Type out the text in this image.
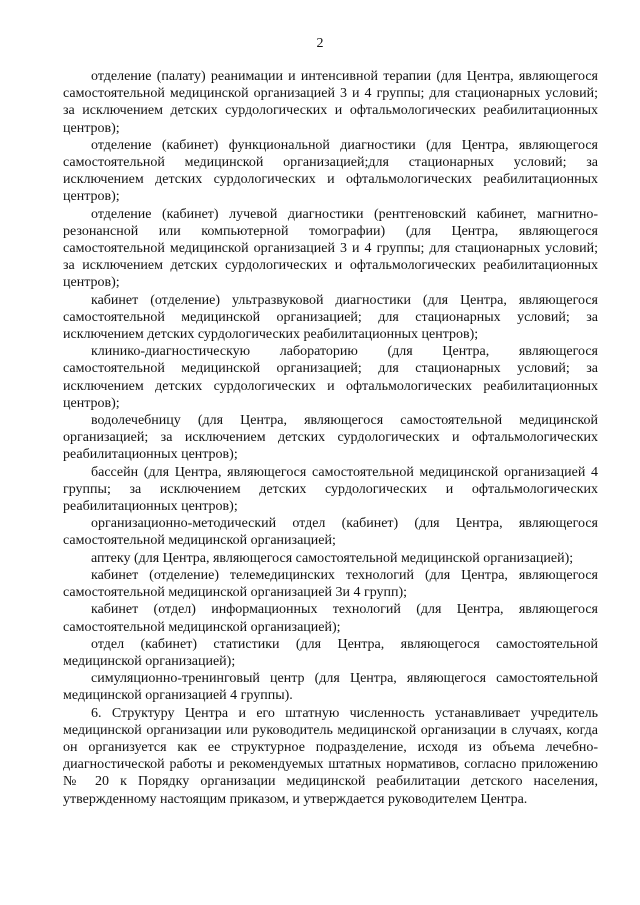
2

отделение (палату) реанимации и интенсивной терапии (для Центра, являющегося самостоятельной медицинской организацией 3 и 4 группы; для стационарных условий; за исключением детских сурдологических и офтальмологических реабилитационных центров);

отделение (кабинет) функциональной диагностики (для Центра, являющегося самостоятельной медицинской организацией;для стационарных условий; за исключением детских сурдологических и офтальмологических реабилитационных центров);

отделение (кабинет) лучевой диагностики (рентгеновский кабинет, магнитно-резонансной или компьютерной томографии) (для Центра, являющегося самостоятельной медицинской организацией 3 и 4 группы; для стационарных условий; за исключением детских сурдологических и офтальмологических реабилитационных центров);

кабинет (отделение) ультразвуковой диагностики (для Центра, являющегося самостоятельной медицинской организацией; для стационарных условий; за исключением детских сурдологических реабилитационных центров);

клинико-диагностическую лабораторию (для Центра, являющегося самостоятельной медицинской организацией; для стационарных условий; за исключением детских сурдологических и офтальмологических реабилитационных центров);

водолечебницу (для Центра, являющегося самостоятельной медицинской организацией; за исключением детских сурдологических и офтальмологических реабилитационных центров);

бассейн (для Центра, являющегося самостоятельной медицинской организацией 4 группы; за исключением детских сурдологических и офтальмологических реабилитационных центров);

организационно-методический отдел (кабинет) (для Центра, являющегося самостоятельной медицинской организацией;

аптеку (для Центра, являющегося самостоятельной медицинской организацией);

кабинет (отделение) телемедицинских технологий (для Центра, являющегося самостоятельной медицинской организацией 3и 4 групп);

кабинет (отдел) информационных технологий (для Центра, являющегося самостоятельной медицинской организацией);

отдел (кабинет) статистики (для Центра, являющегося самостоятельной медицинской организацией);

симуляционно-тренинговый центр (для Центра, являющегося самостоятельной медицинской организацией 4 группы).

6. Структуру Центра и его штатную численность устанавливает учредитель медицинской организации или руководитель медицинской организации в случаях, когда он организуется как ее структурное подразделение, исходя из объема лечебно-диагностической работы и рекомендуемых штатных нормативов, согласно приложению № 20 к Порядку организации медицинской реабилитации детского населения, утвержденному настоящим приказом, и утверждается руководителем Центра.
